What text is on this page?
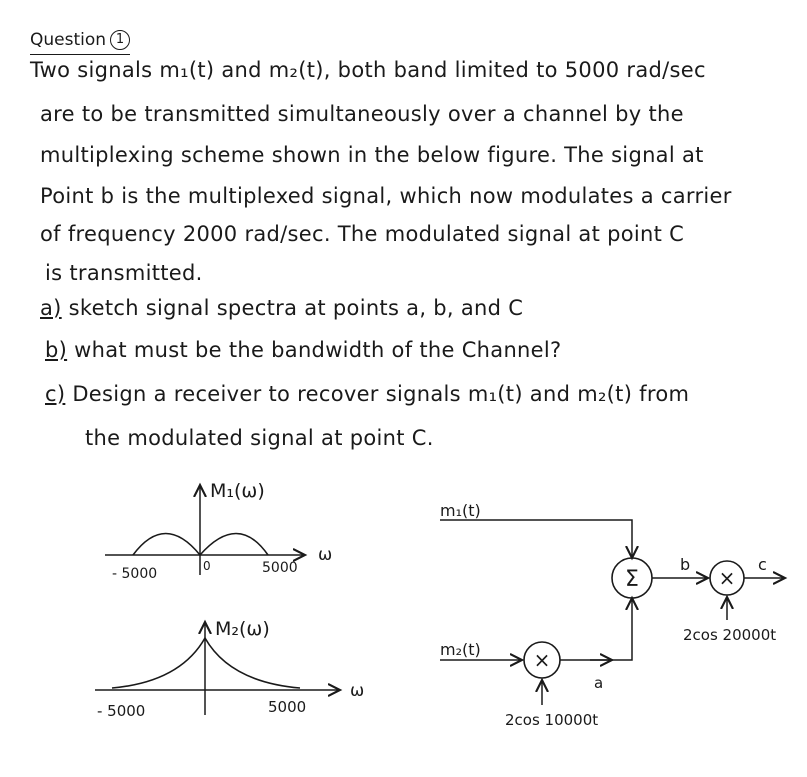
Question 1
Two signals m₁(t) and m₂(t), both band limited to 5000 rad/sec
are to be transmitted simultaneously over a channel by the
multiplexing scheme shown in the below figure. The signal at
Point b is the multiplexed signal, which now modulates a carrier
of frequency 2000 rad/sec. The modulated signal at point C
is transmitted.
a) sketch signal spectra at points a, b, and C
b) what must be the bandwidth of the Channel?
c) Design a receiver to recover signals m₁(t) and m₂(t) from
the modulated signal at point C.
M₁(ω)
ω
- 5000	5000
0
M₂(ω)
ω
- 5000	5000
m₁(t)
Σ
b
×
c
2cos 20000t
m₂(t)	×
2cos 10000t
a
